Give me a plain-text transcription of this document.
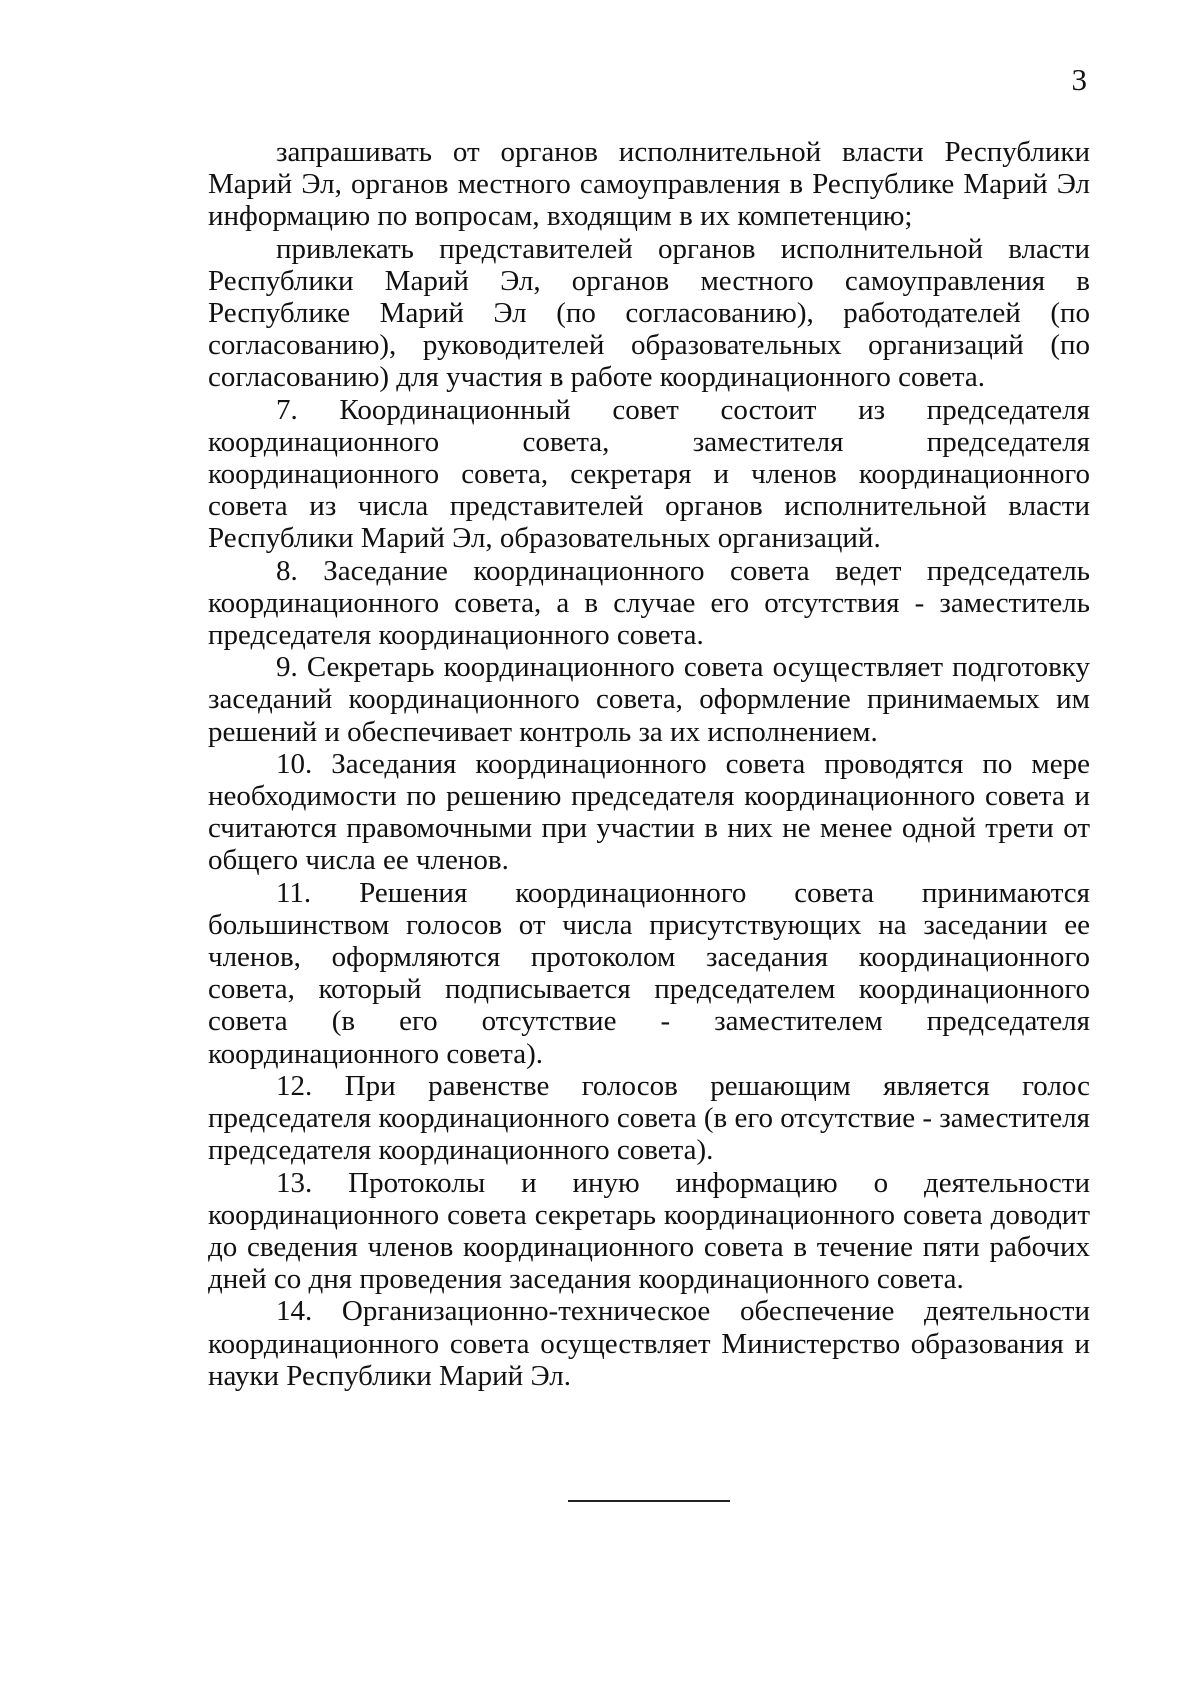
3

запрашивать от органов исполнительной власти Республики Марий Эл, органов местного самоуправления в Республике Марий Эл информацию по вопросам, входящим в их компетенцию;

привлекать представителей органов исполнительной власти Республики Марий Эл, органов местного самоуправления в Республике Марий Эл (по согласованию), работодателей (по согласованию), руководителей образовательных организаций (по согласованию) для участия в работе координационного совета.

7. Координационный совет состоит из председателя координационного совета, заместителя председателя координационного совета, секретаря и членов координационного совета из числа представителей органов исполнительной власти Республики Марий Эл, образовательных организаций.

8. Заседание координационного совета ведет председатель координационного совета, а в случае его отсутствия - заместитель председателя координационного совета.

9. Секретарь координационного совета осуществляет подготовку заседаний координационного совета, оформление принимаемых им решений и обеспечивает контроль за их исполнением.

10. Заседания координационного совета проводятся по мере необходимости по решению председателя координационного совета и считаются правомочными при участии в них не менее одной трети от общего числа ее членов.

11. Решения координационного совета принимаются большинством голосов от числа присутствующих на заседании ее членов, оформляются протоколом заседания координационного совета, который подписывается председателем координационного совета (в его отсутствие - заместителем председателя координационного совета).

12. При равенстве голосов решающим является голос председателя координационного совета (в его отсутствие - заместителя председателя координационного совета).

13. Протоколы и иную информацию о деятельности координационного совета секретарь координационного совета доводит до сведения членов координационного совета в течение пяти рабочих дней со дня проведения заседания координационного совета.

14. Организационно-техническое обеспечение деятельности координационного совета осуществляет Министерство образования и науки Республики Марий Эл.
